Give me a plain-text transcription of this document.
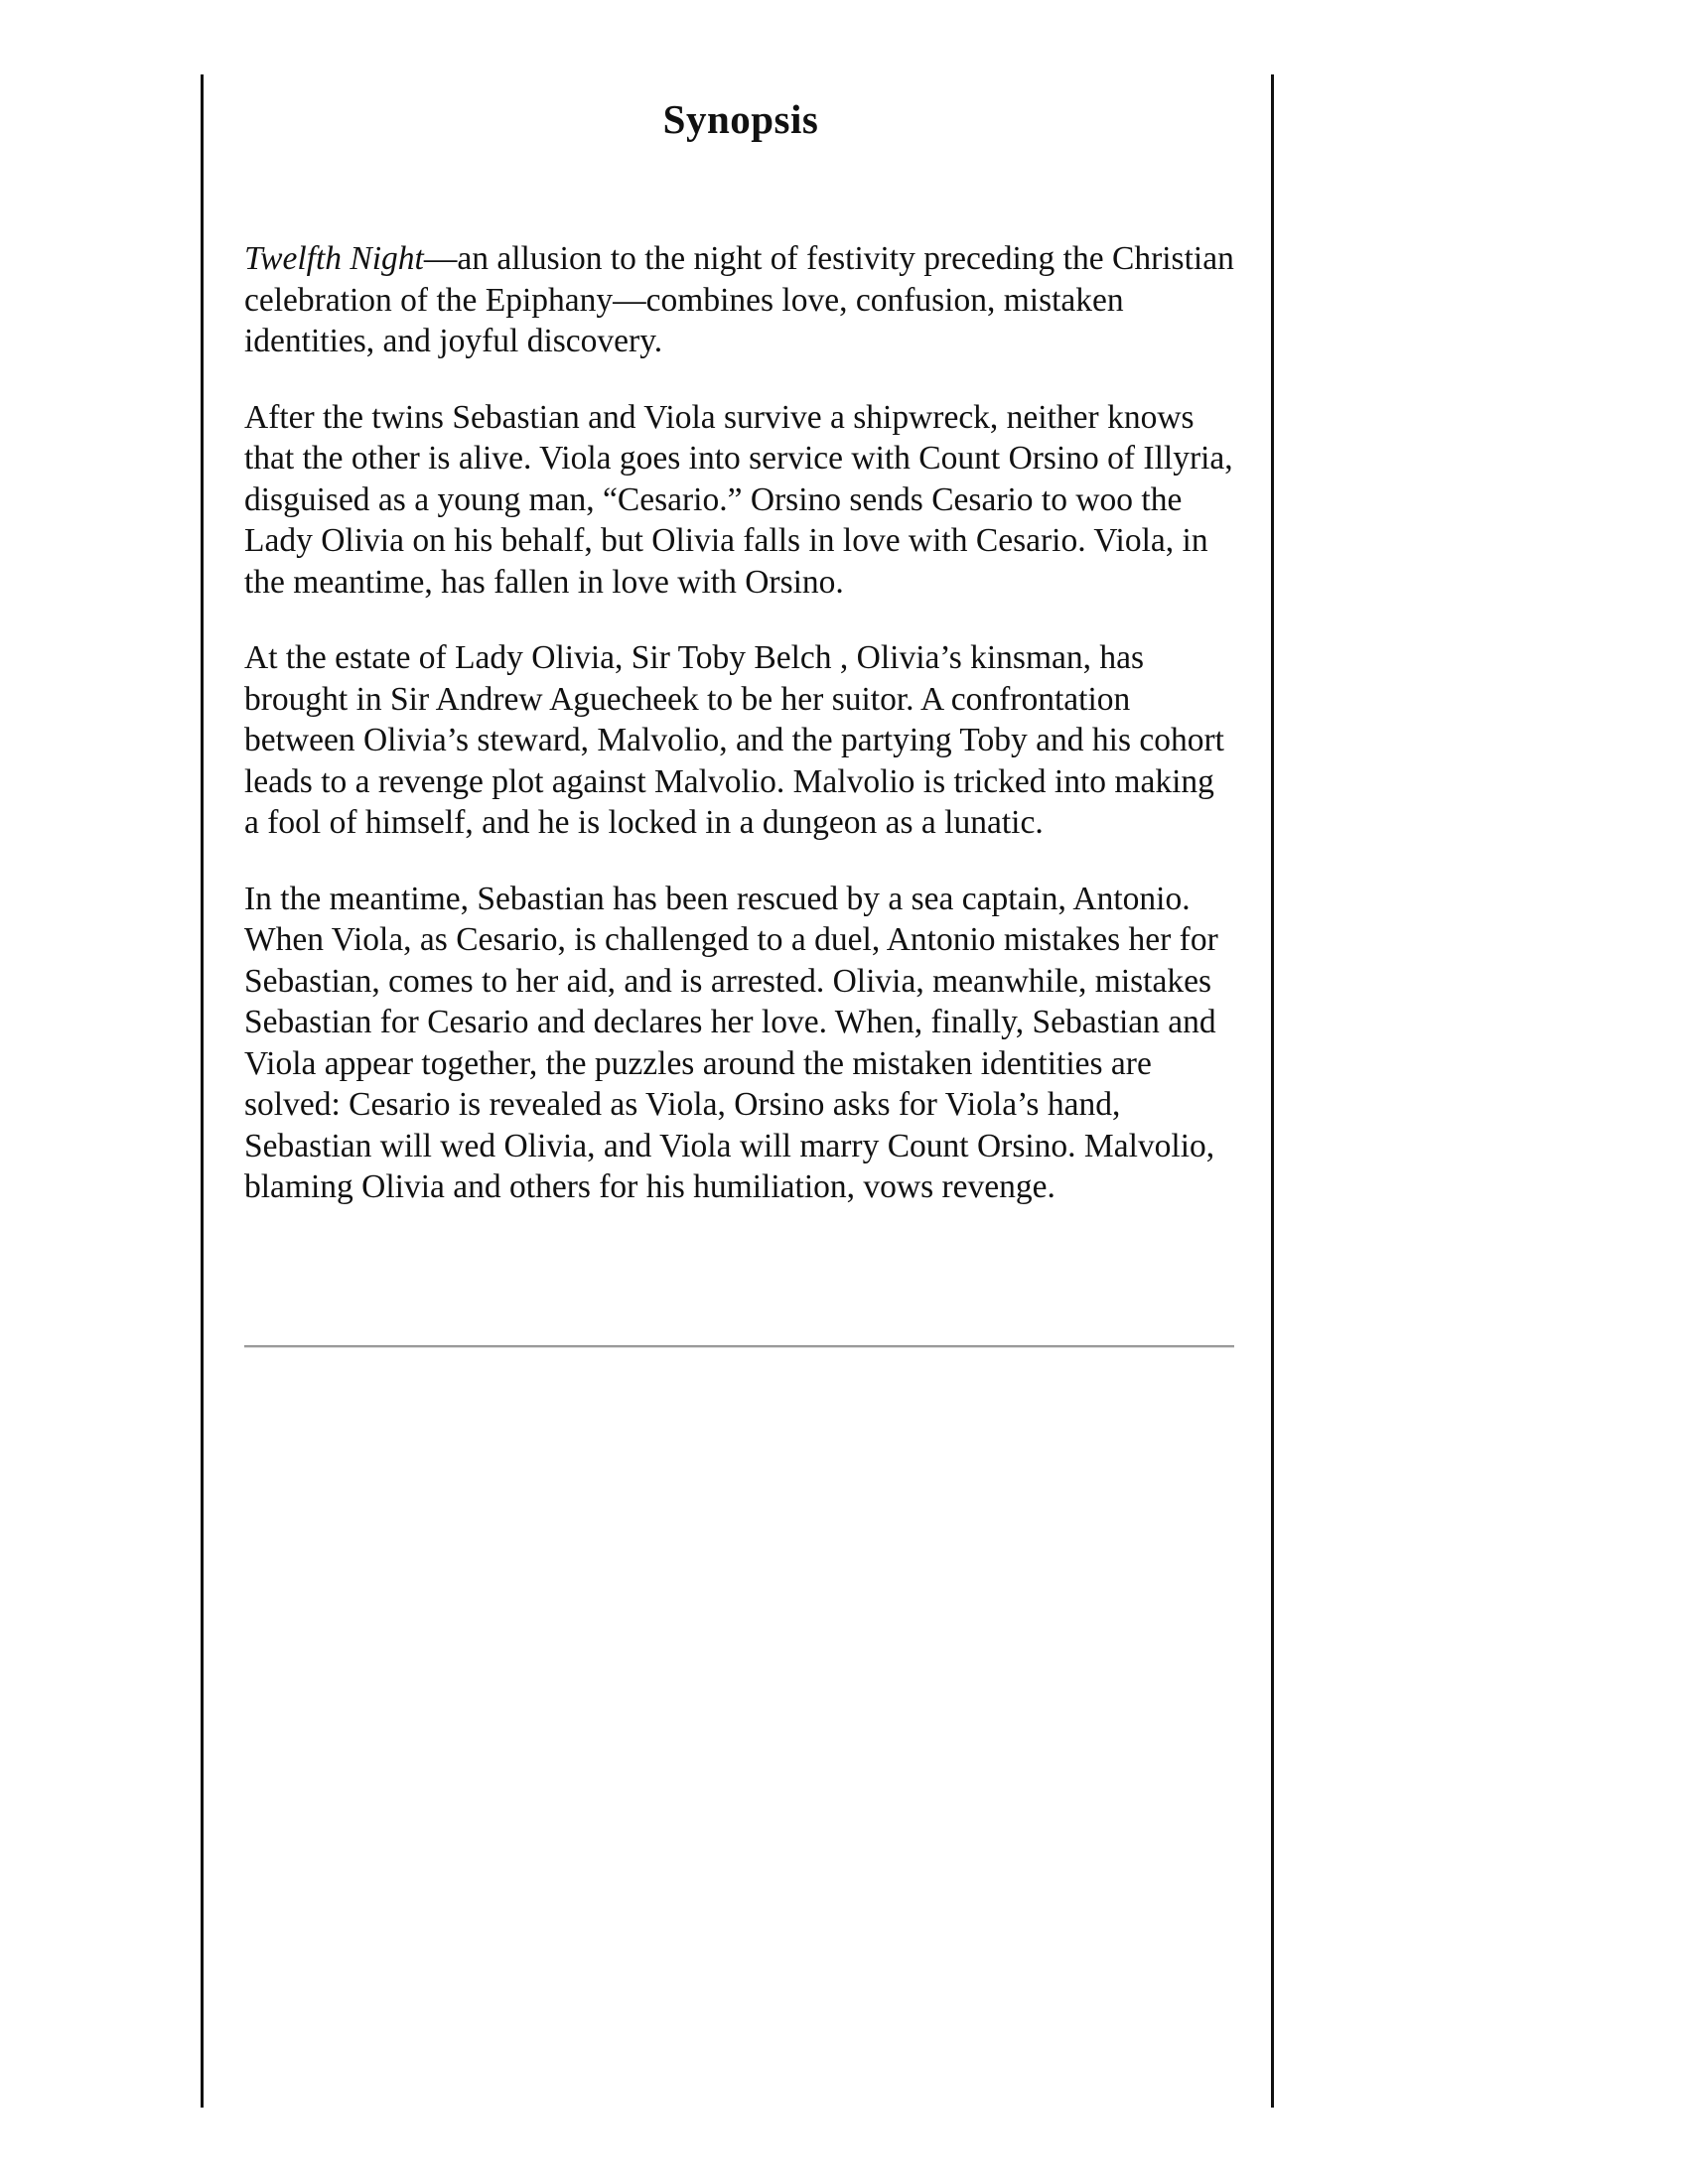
Synopsis

Twelfth Night—an allusion to the night of festivity preceding the Christian celebration of the Epiphany—combines love, confusion, mistaken identities, and joyful discovery.

After the twins Sebastian and Viola survive a shipwreck, neither knows that the other is alive. Viola goes into service with Count Orsino of Illyria, disguised as a young man, “Cesario.” Orsino sends Cesario to woo the Lady Olivia on his behalf, but Olivia falls in love with Cesario. Viola, in the meantime, has fallen in love with Orsino.

At the estate of Lady Olivia, Sir Toby Belch , Olivia’s kinsman, has brought in Sir Andrew Aguecheek to be her suitor. A confrontation between Olivia’s steward, Malvolio, and the partying Toby and his cohort leads to a revenge plot against Malvolio. Malvolio is tricked into making a fool of himself, and he is locked in a dungeon as a lunatic.

In the meantime, Sebastian has been rescued by a sea captain, Antonio. When Viola, as Cesario, is challenged to a duel, Antonio mistakes her for Sebastian, comes to her aid, and is arrested. Olivia, meanwhile, mistakes Sebastian for Cesario and declares her love. When, finally, Sebastian and Viola appear together, the puzzles around the mistaken identities are solved: Cesario is revealed as Viola, Orsino asks for Viola’s hand, Sebastian will wed Olivia, and Viola will marry Count Orsino. Malvolio, blaming Olivia and others for his humiliation, vows revenge.
